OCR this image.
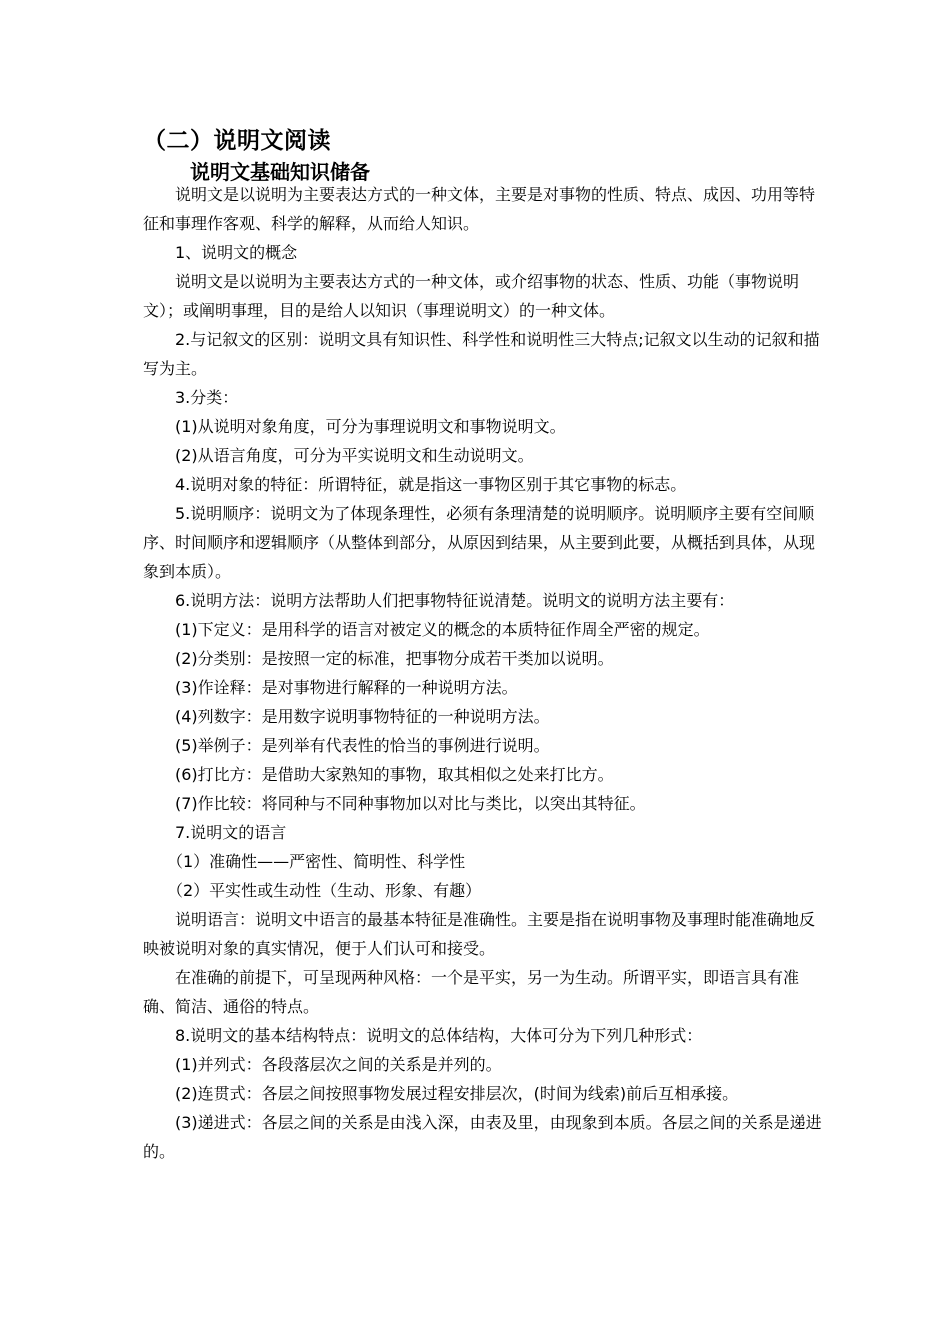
（二）说明文阅读
说明文基础知识储备

说明文是以说明为主要表达方式的一种文体，主要是对事物的性质、特点、成因、功用等特征和事理作客观、科学的解释，从而给人知识。

1、说明文的概念

说明文是以说明为主要表达方式的一种文体，或介绍事物的状态、性质、功能（事物说明文）；或阐明事理，目的是给人以知识（事理说明文）的一种文体。

2.与记叙文的区别：说明文具有知识性、科学性和说明性三大特点;记叙文以生动的记叙和描写为主。

3.分类：

(1)从说明对象角度，可分为事理说明文和事物说明文。

(2)从语言角度，可分为平实说明文和生动说明文。

4.说明对象的特征：所谓特征，就是指这一事物区别于其它事物的标志。

5.说明顺序：说明文为了体现条理性，必须有条理清楚的说明顺序。说明顺序主要有空间顺序、时间顺序和逻辑顺序（从整体到部分，从原因到结果，从主要到此要，从概括到具体，从现象到本质）。

6.说明方法：说明方法帮助人们把事物特征说清楚。说明文的说明方法主要有：

(1)下定义：是用科学的语言对被定义的概念的本质特征作周全严密的规定。

(2)分类别：是按照一定的标准，把事物分成若干类加以说明。

(3)作诠释：是对事物进行解释的一种说明方法。

(4)列数字：是用数字说明事物特征的一种说明方法。

(5)举例子：是列举有代表性的恰当的事例进行说明。

(6)打比方：是借助大家熟知的事物，取其相似之处来打比方。

(7)作比较：将同种与不同种事物加以对比与类比，以突出其特征。

7.说明文的语言

（1）准确性——严密性、简明性、科学性

（2）平实性或生动性（生动、形象、有趣）

说明语言：说明文中语言的最基本特征是准确性。主要是指在说明事物及事理时能准确地反映被说明对象的真实情况，便于人们认可和接受。

在准确的前提下，可呈现两种风格：一个是平实，另一为生动。所谓平实，即语言具有准确、简洁、通俗的特点。

8.说明文的基本结构特点：说明文的总体结构，大体可分为下列几种形式：

(1)并列式：各段落层次之间的关系是并列的。

(2)连贯式：各层之间按照事物发展过程安排层次，(时间为线索)前后互相承接。

(3)递进式：各层之间的关系是由浅入深，由表及里，由现象到本质。各层之间的关系是递进的。
